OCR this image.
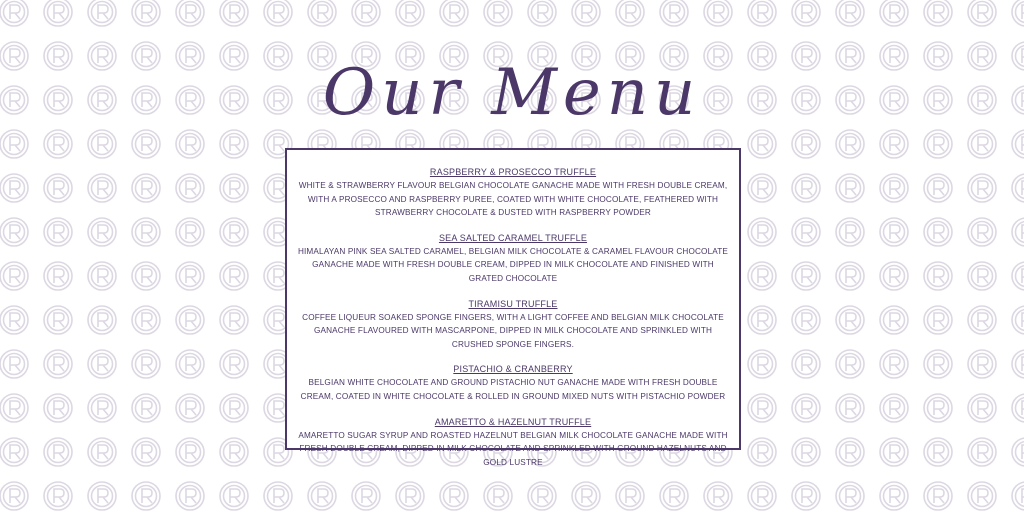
Our Menu
RASPBERRY & PROSECCO TRUFFLE
WHITE & STRAWBERRY FLAVOUR BELGIAN CHOCOLATE GANACHE MADE WITH FRESH DOUBLE CREAM, WITH A PROSECCO AND RASPBERRY PUREE, COATED WITH WHITE CHOCOLATE, FEATHERED WITH STRAWBERRY CHOCOLATE & DUSTED WITH RASPBERRY POWDER
SEA SALTED CARAMEL TRUFFLE
HIMALAYAN PINK SEA SALTED CARAMEL, BELGIAN MILK CHOCOLATE & CARAMEL FLAVOUR CHOCOLATE GANACHE MADE WITH FRESH DOUBLE CREAM, DIPPED IN MILK CHOCOLATE AND FINISHED WITH GRATED CHOCOLATE
TIRAMISU TRUFFLE
COFFEE LIQUEUR SOAKED SPONGE FINGERS, WITH A LIGHT COFFEE AND BELGIAN MILK CHOCOLATE GANACHE FLAVOURED WITH MASCARPONE, DIPPED IN MILK CHOCOLATE AND SPRINKLED WITH CRUSHED SPONGE FINGERS.
PISTACHIO & CRANBERRY
BELGIAN WHITE CHOCOLATE AND GROUND PISTACHIO NUT GANACHE MADE WITH FRESH DOUBLE CREAM, COATED IN WHITE CHOCOLATE & ROLLED IN GROUND MIXED NUTS WITH PISTACHIO POWDER
AMARETTO & HAZELNUT TRUFFLE
AMARETTO SUGAR SYRUP AND ROASTED HAZELNUT BELGIAN MILK CHOCOLATE GANACHE MADE WITH FRESH DOUBLE CREAM, DIPPED IN MILK CHOCOLATE AND SPRINKLED WITH GROUND HAZELNUTS AND GOLD LUSTRE
